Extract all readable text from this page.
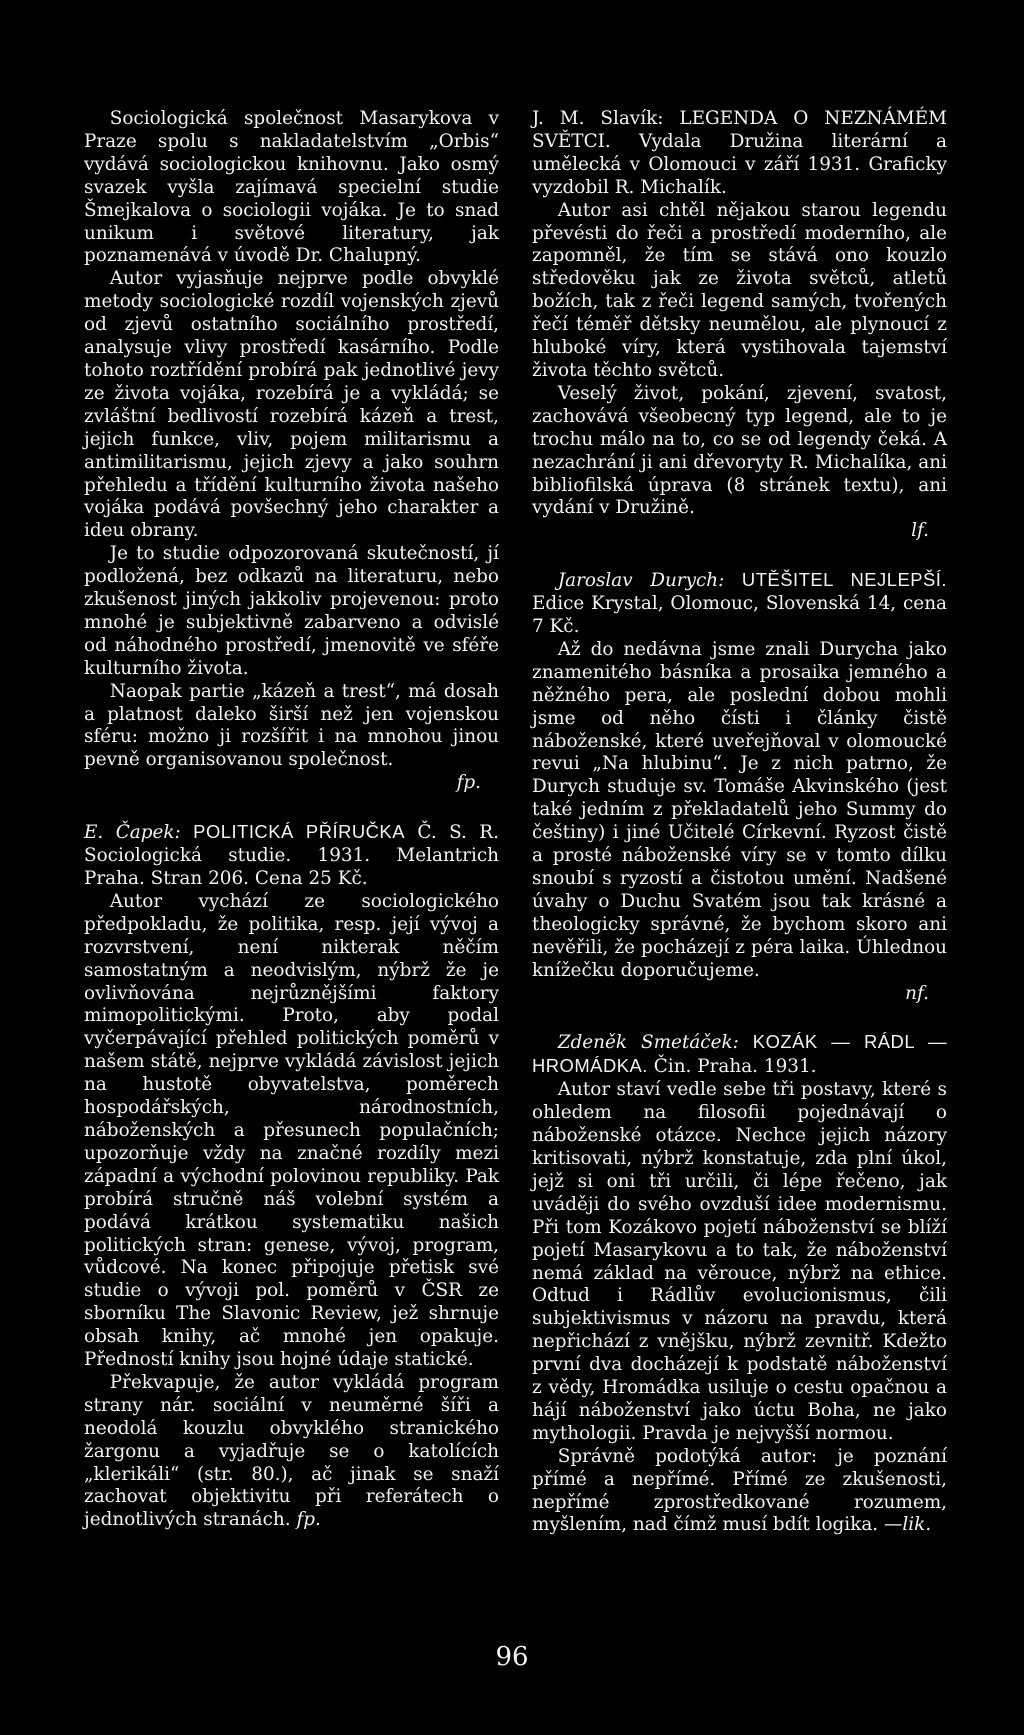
Sociologická společnost Masarykova v Praze spolu s nakladatelstvím „Orbis“ vydává sociologickou knihovnu. Jako osmý svazek vyšla zajímavá specielní studie Šmejkalova o sociologii vojáka. Je to snad unikum i světové literatury, jak poznamenává v úvodě Dr. Chalupný.

Autor vyjasňuje nejprve podle obvyklé metody sociologické rozdíl vojenských zjevů od zjevů ostatního sociálního prostředí, analysuje vlivy prostředí kasárního. Podle tohoto roztřídění probírá pak jednotlivé jevy ze života vojáka, rozebírá je a vykládá; se zvláštní bedlivostí rozebírá kázeň a trest, jejich funkce, vliv, pojem militarismu a antimilitarismu, jejich zjevy a jako souhrn přehledu a třídění kulturního života našeho vojáka podává povšechný jeho charakter a ideu obrany.

Je to studie odpozorovaná skutečností, jí podložená, bez odkazů na literaturu, nebo zkušenost jiných jakkoliv projevenou: proto mnohé je subjektivně zabarveno a odvislé od náhodného prostředí, jmenovitě ve sféře kulturního života.

Naopak partie „kázeň a trest“, má dosah a platnost daleko širší než jen vojenskou sféru: možno ji rozšířit i na mnohou jinou pevně organisovanou společnost.

fp.

E. Čapek: POLITICKÁ PŘÍRUČKA Č. S. R. Sociologická studie. 1931. Melantrich Praha. Stran 206. Cena 25 Kč.

Autor vychází ze sociologického předpokladu, že politika, resp. její vývoj a rozvrstvení, není nikterak něčím samostatným a neodvislým, nýbrž že je ovlivňována nejrůznějšími faktory mimopolitickými. Proto, aby podal vyčerpávající přehled politických poměrů v našem státě, nejprve vykládá závislost jejich na hustotě obyvatelstva, poměrech hospodářských, národnostních, náboženských a přesunech populačních; upozorňuje vždy na značné rozdíly mezi západní a východní polovinou republiky. Pak probírá stručně náš volební systém a podává krátkou systematiku našich politických stran: genese, vývoj, program, vůdcové. Na konec připojuje přetisk své studie o vývoji pol. poměrů v ČSR ze sborníku The Slavonic Review, jež shrnuje obsah knihy, ač mnohé jen opakuje. Předností knihy jsou hojné údaje statické.

Překvapuje, že autor vykládá program strany nár. sociální v neuměrné šíři a neodolá kouzlu obvyklého stranického žargonu a vyjadřuje se o katolících „klerikáli“ (str. 80.), ač jinak se snaží zachovat objektivitu při referátech o jednotlivých stranách. fp.

J. M. Slavík: LEGENDA O NEZNÁMÉM SVĚTCI. Vydala Družina literární a umělecká v Olomouci v září 1931. Graficky vyzdobil R. Michalík.

Autor asi chtěl nějakou starou legendu převésti do řeči a prostředí moderního, ale zapomněl, že tím se stává ono kouzlo středověku jak ze života světců, atletů božích, tak z řeči legend samých, tvořených řečí téměř dětsky neumělou, ale plynoucí z hluboké víry, která vystihovala tajemství života těchto světců.

Veselý život, pokání, zjevení, svatost, zachovává všeobecný typ legend, ale to je trochu málo na to, co se od legendy čeká. A nezachrání ji ani dřevoryty R. Michalíka, ani bibliofilská úprava (8 stránek textu), ani vydání v Družině.

lf.

Jaroslav Durych: UTĚŠITEL NEJLEPŠÍ. Edice Krystal, Olomouc, Slovenská 14, cena 7 Kč.

Až do nedávna jsme znali Durycha jako znamenitého básníka a prosaika jemného a něžného pera, ale poslední dobou mohli jsme od něho čísti i články čistě náboženské, které uveřejňoval v olomoucké revui „Na hlubinu“. Je z nich patrno, že Durych studuje sv. Tomáše Akvinského (jest také jedním z překladatelů jeho Summy do češtiny) i jiné Učitelé Církevní. Ryzost čistě a prosté náboženské víry se v tomto dílku snoubí s ryzostí a čistotou umění. Nadšené úvahy o Duchu Svatém jsou tak krásné a theologicky správné, že bychom skoro ani nevěřili, že pocházejí z péra laika. Úhlednou knížečku doporučujeme.

nf.

Zdeněk Smetáček: KOZÁK — RÁDL — HROMÁDKA. Čin. Praha. 1931.

Autor staví vedle sebe tři postavy, které s ohledem na filosofii pojednávají o náboženské otázce. Nechce jejich názory kritisovati, nýbrž konstatuje, zda plní úkol, jejž si oni tři určili, či lépe řečeno, jak uváději do svého ovzduší idee modernismu. Při tom Kozákovo pojetí náboženství se blíží pojetí Masarykovu a to tak, že náboženství nemá základ na věrouce, nýbrž na ethice. Odtud i Rádlův evolucionismus, čili subjektivismus v názoru na pravdu, která nepřichází z vnějšku, nýbrž zevnitř. Kdežto první dva docházejí k podstatě náboženství z vědy, Hromádka usiluje o cestu opačnou a hájí náboženství jako úctu Boha, ne jako mythologii. Pravda je nejvyšší normou.

Správně podotýká autor: je poznání přímé a nepřímé. Přímé ze zkušenosti, nepřímé zprostředkované rozumem, myšlením, nad čímž musí bdít logika. —lik.

96
